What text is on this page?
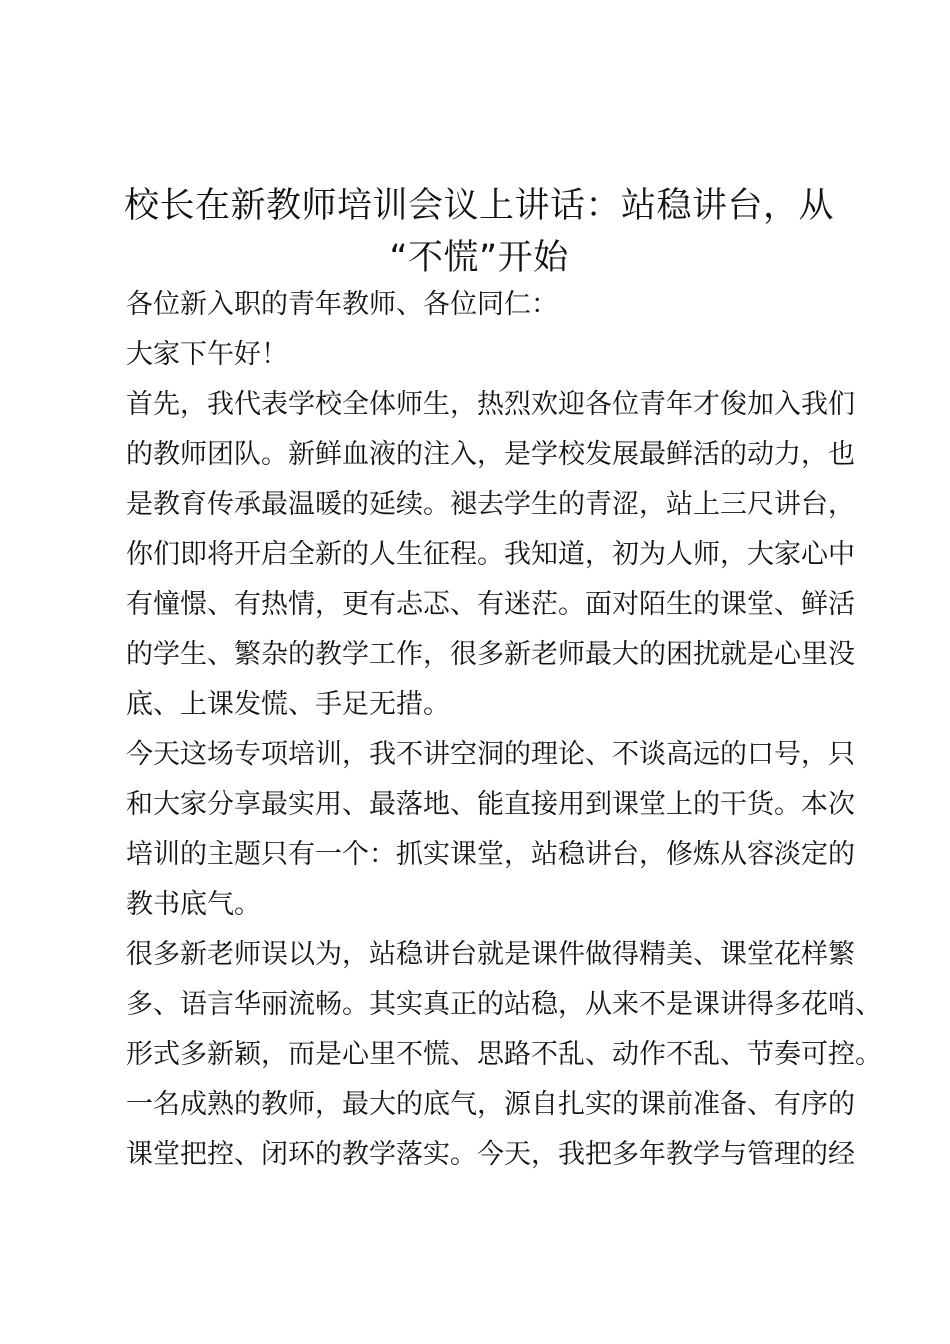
校长在新教师培训会议上讲话：站稳讲台，从
“不慌”开始
各位新入职的青年教师、各位同仁：
大家下午好！
首先，我代表学校全体师生，热烈欢迎各位青年才俊加入我们
的教师团队。新鲜血液的注入，是学校发展最鲜活的动力，也
是教育传承最温暖的延续。褪去学生的青涩，站上三尺讲台，
你们即将开启全新的人生征程。我知道，初为人师，大家心中
有憧憬、有热情，更有忐忑、有迷茫。面对陌生的课堂、鲜活
的学生、繁杂的教学工作，很多新老师最大的困扰就是心里没
底、上课发慌、手足无措。
今天这场专项培训，我不讲空洞的理论、不谈高远的口号，只
和大家分享最实用、最落地、能直接用到课堂上的干货。本次
培训的主题只有一个：抓实课堂，站稳讲台，修炼从容淡定的
教书底气。
很多新老师误以为，站稳讲台就是课件做得精美、课堂花样繁
多、语言华丽流畅。其实真正的站稳，从来不是课讲得多花哨、
形式多新颖，而是心里不慌、思路不乱、动作不乱、节奏可控。
一名成熟的教师，最大的底气，源自扎实的课前准备、有序的
课堂把控、闭环的教学落实。今天，我把多年教学与管理的经
